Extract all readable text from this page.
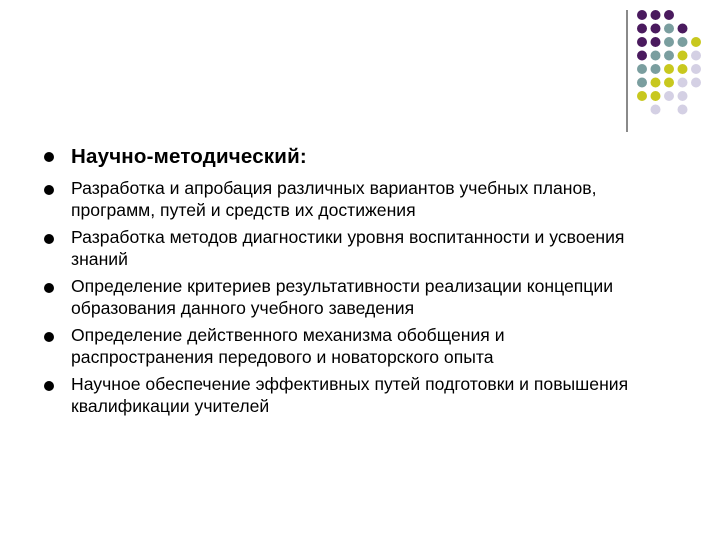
Научно-методический:
Разработка и апробация различных вариантов учебных планов, программ, путей и средств их достижения
Разработка методов диагностики уровня воспитанности и усвоения знаний
Определение критериев результативности реализации концепции образования данного учебного заведения
Определение действенного механизма обобщения и распространения передового и новаторского опыта
Научное обеспечение эффективных путей подготовки и повышения квалификации учителей
